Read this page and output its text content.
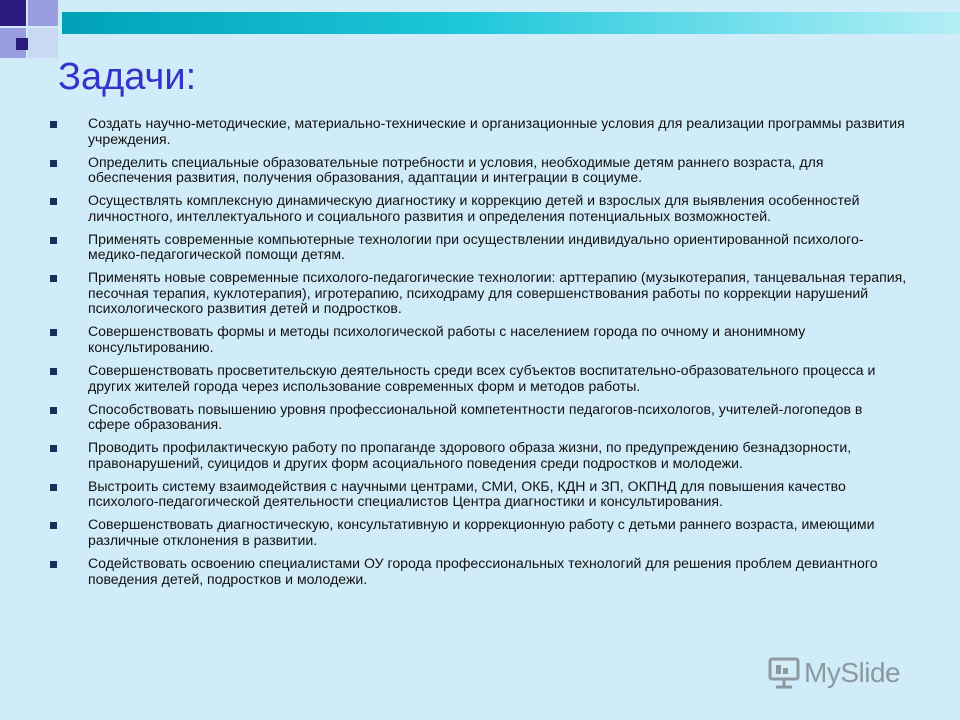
Задачи:
Создать научно-методические, материально-технические и организационные условия для реализации программы развития учреждения.
Определить специальные образовательные потребности и условия, необходимые детям раннего возраста, для обеспечения развития, получения образования, адаптации и интеграции в социуме.
Осуществлять комплексную динамическую диагностику и коррекцию детей и взрослых для выявления особенностей личностного, интеллектуального и социального развития и определения потенциальных возможностей.
Применять современные компьютерные технологии при осуществлении индивидуально ориентированной психолого-медико-педагогической помощи детям.
Применять новые современные психолого-педагогические технологии: арттерапию (музыкотерапия, танцевальная терапия, песочная терапия, куклотерапия), игротерапию, психодраму для совершенствования работы по коррекции нарушений психологического развития детей и подростков.
Совершенствовать формы и методы психологической работы с населением города по очному и анонимному консультированию.
Совершенствовать просветительскую деятельность среди всех субъектов воспитательно-образовательного процесса и других жителей города через использование современных форм и методов работы.
Способствовать повышению уровня профессиональной компетентности педагогов-психологов, учителей-логопедов в сфере образования.
Проводить профилактическую работу по пропаганде здорового образа жизни, по предупреждению безнадзорности, правонарушений, суицидов и других форм асоциального поведения среди подростков и молодежи.
Выстроить систему взаимодействия с научными центрами, СМИ, ОКБ, КДН и ЗП, ОКПНД для повышения качество психолого-педагогической деятельности специалистов Центра диагностики и консультирования.
Совершенствовать диагностическую, консультативную и коррекционную работу с детьми раннего возраста, имеющими различные отклонения в развитии.
Содействовать освоению специалистами ОУ города профессиональных технологий для решения проблем девиантного поведения детей, подростков и молодежи.
MySlide
